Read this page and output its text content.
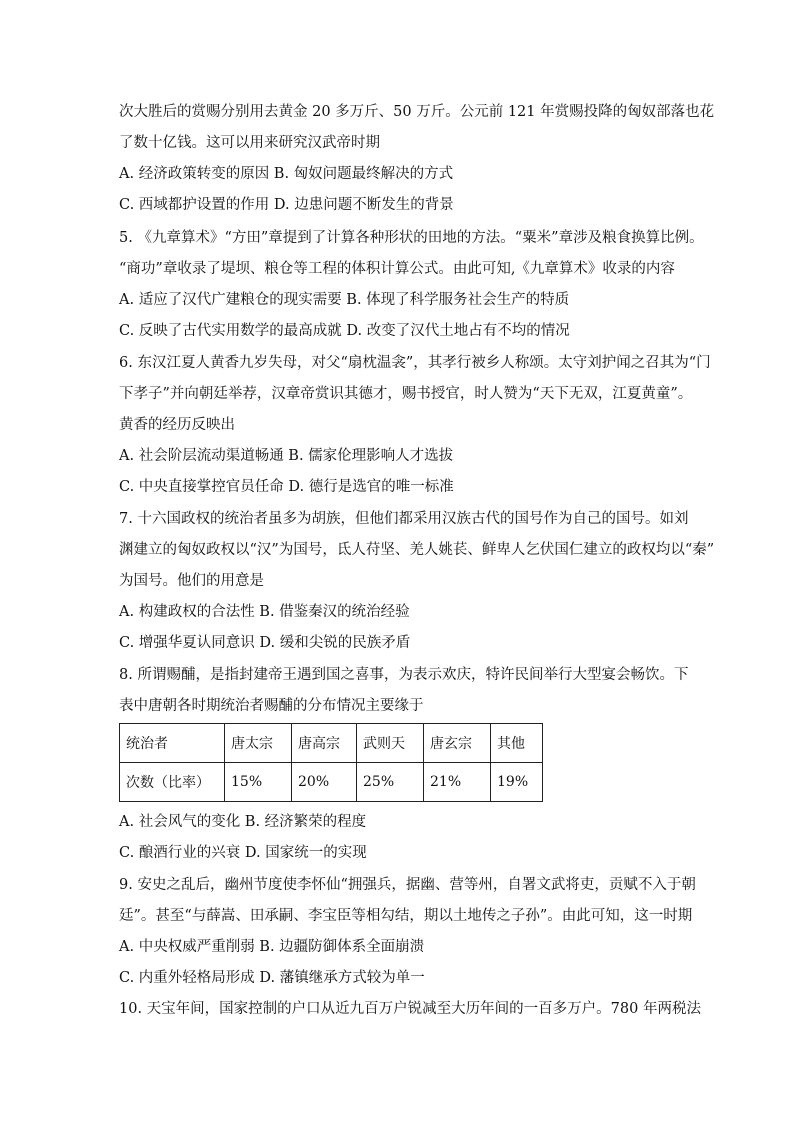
次大胜后的赏赐分别用去黄金 20 多万斤、50 万斤。公元前 121 年赏赐投降的匈奴部落也花
了数十亿钱。这可以用来研究汉武帝时期
A. 经济政策转变的原因 B. 匈奴问题最终解决的方式
C. 西域都护设置的作用 D. 边患问题不断发生的背景
5. 《九章算术》“方田”章提到了计算各种形状的田地的方法。“粟米”章涉及粮食换算比例。
“商功”章收录了堤坝、粮仓等工程的体积计算公式。由此可知,《九章算术》收录的内容
A. 适应了汉代广建粮仓的现实需要 B. 体现了科学服务社会生产的特质
C. 反映了古代实用数学的最高成就 D. 改变了汉代土地占有不均的情况
6. 东汉江夏人黄香九岁失母，对父“扇枕温衾”，其孝行被乡人称颂。太守刘护闻之召其为“门
下孝子”并向朝廷举荐，汉章帝赏识其德才，赐书授官，时人赞为“天下无双，江夏黄童”。
黄香的经历反映出
A. 社会阶层流动渠道畅通 B. 儒家伦理影响人才选拔
C. 中央直接掌控官员任命 D. 德行是选官的唯一标准
7. 十六国政权的统治者虽多为胡族，但他们都采用汉族古代的国号作为自己的国号。如刘
渊建立的匈奴政权以“汉”为国号，氐人苻坚、羌人姚苌、鲜卑人乞伏国仁建立的政权均以“秦”
为国号。他们的用意是
A. 构建政权的合法性 B. 借鉴秦汉的统治经验
C. 增强华夏认同意识 D. 缓和尖锐的民族矛盾
8. 所谓赐酺，是指封建帝王遇到国之喜事，为表示欢庆，特许民间举行大型宴会畅饮。下
表中唐朝各时期统治者赐酺的分布情况主要缘于
统治者	唐太宗	唐高宗	武则天	唐玄宗	其他
次数（比率）	15%	20%	25%	21%	19%
A. 社会风气的变化 B. 经济繁荣的程度
C. 酿酒行业的兴衰 D. 国家统一的实现
9. 安史之乱后，幽州节度使李怀仙“拥强兵，据幽、营等州，自署文武将吏，贡赋不入于朝
廷”。甚至“与薛嵩、田承嗣、李宝臣等相勾结，期以土地传之子孙”。由此可知，这一时期
A. 中央权威严重削弱 B. 边疆防御体系全面崩溃
C. 内重外轻格局形成 D. 藩镇继承方式较为单一
10. 天宝年间，国家控制的户口从近九百万户锐减至大历年间的一百多万户。780 年两税法
